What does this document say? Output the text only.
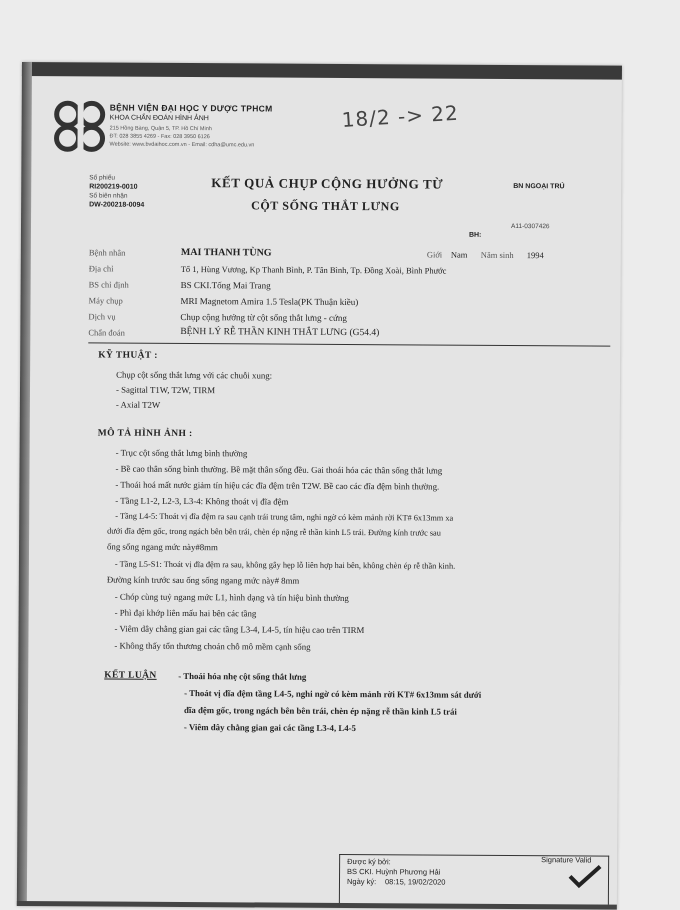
BỆNH VIỆN ĐẠI HỌC Y DƯỢC TPHCM
KHOA CHẨN ĐOÁN HÌNH ẢNH
215 Hồng Bàng, Quận 5, TP. Hồ Chí Minh
ĐT: 028 3855 4269 - Fax: 028 3950 6126
Website: www.bvdaihoc.com.vn - Email: cdha@umc.edu.vn
18/2 -> 22
Số phiếu
RI200219-0010
Số biên nhận
DW-200218-0094
KẾT QUẢ CHỤP CỘNG HƯỞNG TỪ
CỘT SỐNG THẮT LƯNG
BN NGOẠI TRÚ
BH:
A11-0307426
Bệnh nhân	MAI THANH TÙNG	Giới Nam Năm sinh 1994
Địa chỉ	Tổ 1, Hùng Vương, Kp Thanh Bình, P. Tân Bình, Tp. Đồng Xoài, Bình Phước
BS chỉ định	BS CKI.Tống Mai Trang
Máy chụp	MRI Magnetom Amira 1.5 Tesla(PK Thuận kiều)
Dịch vụ	Chụp cộng hưởng từ cột sống thắt lưng - cứng
Chẩn đoán	BỆNH LÝ RỄ THẦN KINH THẮT LƯNG (G54.4)
KỸ THUẬT :
Chụp cột sống thắt lưng với các chuỗi xung:
- Sagittal T1W, T2W, TIRM
- Axial T2W
MÔ TẢ HÌNH ẢNH :
- Trục cột sống thắt lưng bình thường
- Bề cao thân sống bình thường. Bề mặt thân sống đều. Gai thoái hóa các thân sống thắt lưng
- Thoái hoá mất nước giảm tín hiệu các đĩa đệm trên T2W. Bề cao các đĩa đệm bình thường.
- Tầng L1-2, L2-3, L3-4: Không thoát vị đĩa đệm
- Tầng L4-5: Thoát vị đĩa đệm ra sau cạnh trái trung tâm, nghi ngờ có kèm mảnh rời KT# 6x13mm xa
dưới đĩa đệm gốc, trong ngách bên bên trái, chèn ép nặng rễ thần kinh L5 trái. Đường kính trước sau
ống sống ngang mức này#8mm
- Tầng L5-S1: Thoát vị đĩa đệm ra sau, không gây hẹp lỗ liên hợp hai bên, không chèn ép rễ thần kinh.
Đường kính trước sau ống sống ngang mức này# 8mm
- Chóp cùng tuỷ ngang mức L1, hình dạng và tín hiệu bình thường
- Phì đại khớp liên mấu hai bên các tầng
- Viêm dây chằng gian gai các tầng L3-4, L4-5, tín hiệu cao trên TIRM
- Không thấy tổn thương choán chỗ mô mềm cạnh sống
KẾT LUẬN - Thoái hóa nhẹ cột sống thắt lưng
- Thoát vị đĩa đệm tầng L4-5, nghi ngờ có kèm mảnh rời KT# 6x13mm sát dưới
đĩa đệm gốc, trong ngách bên bên trái, chèn ép nặng rễ thần kinh L5 trái
- Viêm dây chằng gian gai các tầng L3-4, L4-5
Được ký bởi:
BS CKI. Huỳnh Phương Hải
Ngày ký: 08:15, 19/02/2020
Signature Valid
